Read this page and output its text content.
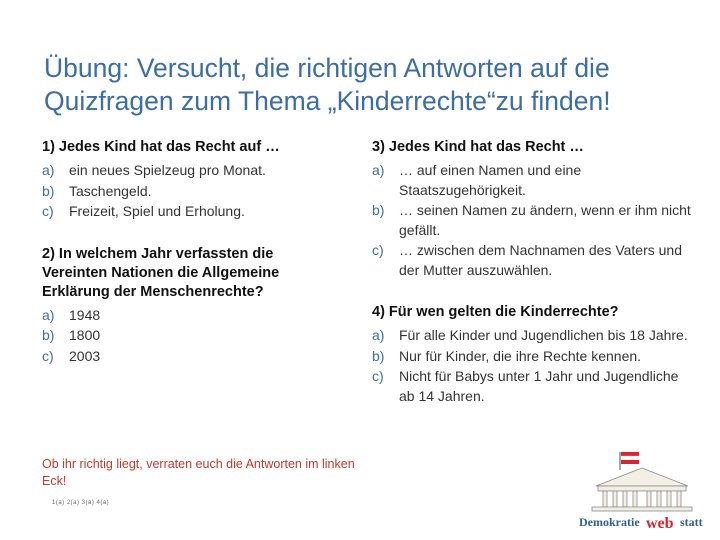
Übung: Versucht, die richtigen Antworten auf die Quizfragen zum Thema „Kinderrechte“zu finden!

1) Jedes Kind hat das Recht auf …

a)	ein neues Spielzeug pro Monat.
b)	Taschengeld.
c)	Freizeit, Spiel und Erholung.

2) In welchem Jahr verfassten die Vereinten Nationen die Allgemeine Erklärung der Menschenrechte?

a)	1948
b)	1800
c)	2003

3) Jedes Kind hat das Recht …

a)	… auf einen Namen und eine Staatszugehörigkeit.
b)	… seinen Namen zu ändern, wenn er ihm nicht gefällt.
c)	… zwischen dem Nachnamen des Vaters und der Mutter auszuwählen.

4) Für wen gelten die Kinderrechte?

a)	Für alle Kinder und Jugendlichen bis 18 Jahre.
b)	Nur für Kinder, die ihre Rechte kennen.
c)	Nicht für Babys unter 1 Jahr und Jugendliche ab 14 Jahren.
Ob ihr richtig liegt, verraten euch die Antworten im linken Eck!
1(a) 2(a) 3(a) 4(a)
Demokratie web statt
